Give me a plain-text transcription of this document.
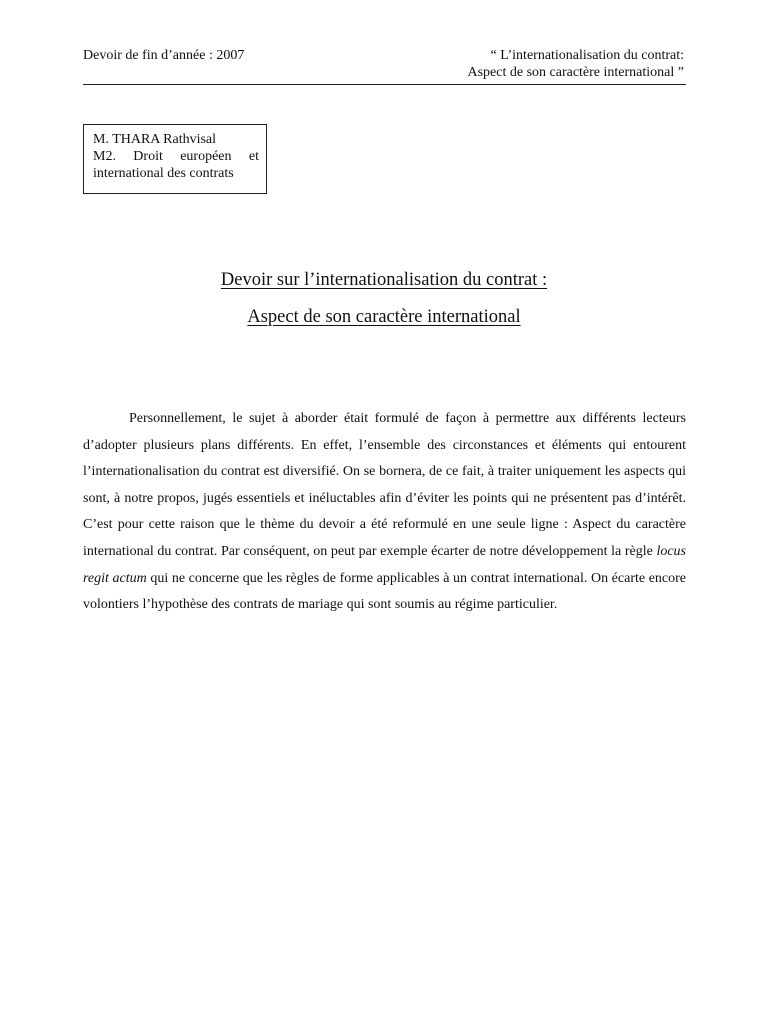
Devoir de fin d’année : 2007	“ L’internationalisation du contrat:
Aspect de son caractère international ”
M. THARA Rathvisal
M2. Droit européen et
international des contrats
Devoir sur l’internationalisation du contrat :
Aspect de son caractère international
Personnellement, le sujet à aborder était formulé de façon à permettre aux différents lecteurs d’adopter plusieurs plans différents. En effet, l’ensemble des circonstances et éléments qui entourent l’internationalisation du contrat est diversifié. On se bornera, de ce fait, à traiter uniquement les aspects qui sont, à notre propos, jugés essentiels et inéluctables afin d’éviter les points qui ne présentent pas d’intérêt. C’est pour cette raison que le thème du devoir a été reformulé en une seule ligne : Aspect du caractère international du contrat. Par conséquent, on peut par exemple écarter de notre développement la règle locus regit actum qui ne concerne que les règles de forme applicables à un contrat international. On écarte encore volontiers l’hypothèse des contrats de mariage qui sont soumis au régime particulier.
